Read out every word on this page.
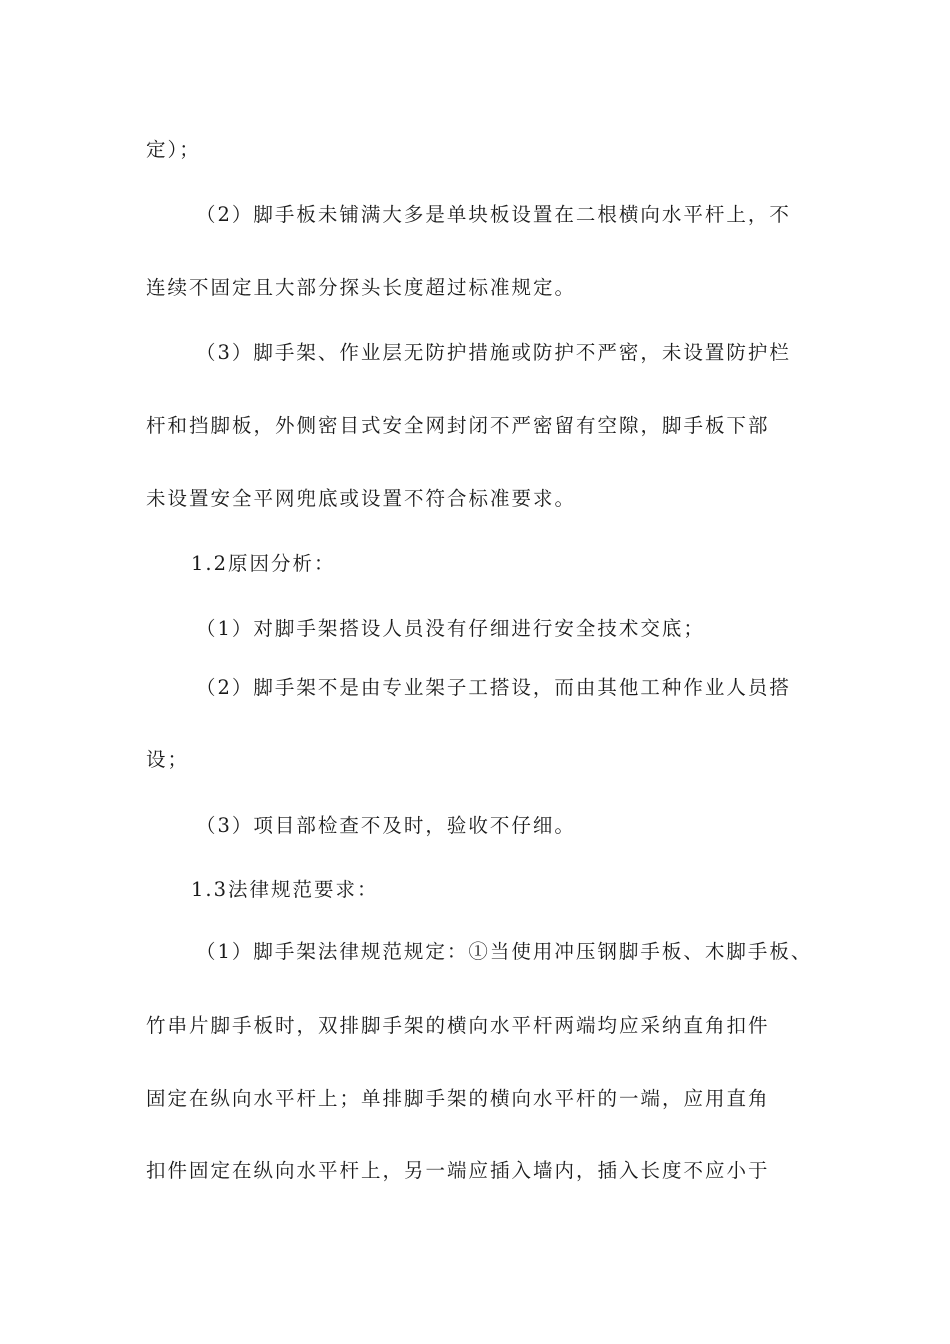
定）；
（2）脚手板未铺满大多是单块板设置在二根横向水平杆上，不
连续不固定且大部分探头长度超过标准规定。
（3）脚手架、作业层无防护措施或防护不严密，未设置防护栏
杆和挡脚板，外侧密目式安全网封闭不严密留有空隙，脚手板下部
未设置安全平网兜底或设置不符合标准要求。
1.2原因分析：
（1）对脚手架搭设人员没有仔细进行安全技术交底；
（2）脚手架不是由专业架子工搭设，而由其他工种作业人员搭
设；
（3）项目部检查不及时，验收不仔细。
1.3法律规范要求：
（1）脚手架法律规范规定：①当使用冲压钢脚手板、木脚手板、
竹串片脚手板时，双排脚手架的横向水平杆两端均应采纳直角扣件
固定在纵向水平杆上；单排脚手架的横向水平杆的一端，应用直角
扣件固定在纵向水平杆上，另一端应插入墙内，插入长度不应小于
